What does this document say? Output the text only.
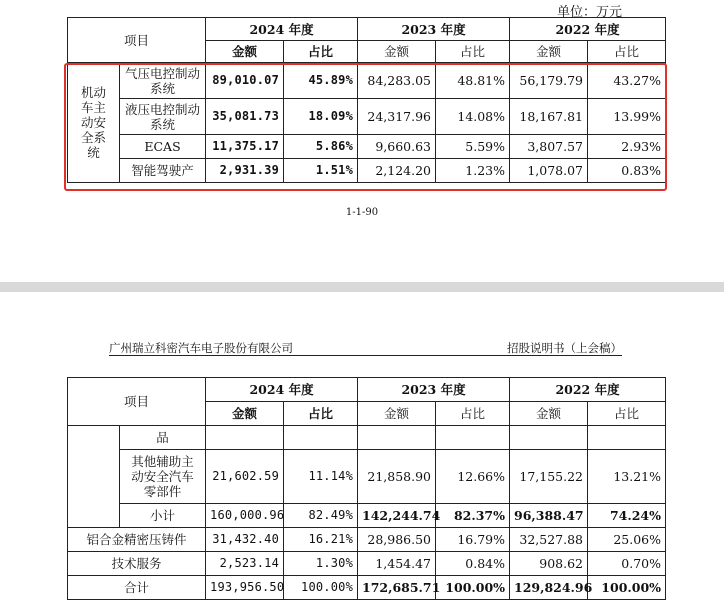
单位：万元
项目		2024 年度		2023 年度		2022 年度	
		金额	占比	金额	占比	金额	占比
机动车主动安全系统	气压电控制动系统	89,010.07	45.89%	84,283.05	48.81%	56,179.79	43.27%
	液压电控制动系统	35,081.73	18.09%	24,317.96	14.08%	18,167.81	13.99%
	ECAS	11,375.17	5.86%	9,660.63	5.59%	3,807.57	2.93%
	智能驾驶产	2,931.39	1.51%	2,124.20	1.23%	1,078.07	0.83%
1-1-90
广州瑞立科密汽车电子股份有限公司	招股说明书（上会稿）
项目		2024 年度		2023 年度		2022 年度	
		金额	占比	金额	占比	金额	占比
	品						
	其他辅助主动安全汽车零部件	21,602.59	11.14%	21,858.90	12.66%	17,155.22	13.21%
	小计	160,000.96	82.49%	142,244.74	82.37%	96,388.47	74.24%
铝合金精密压铸件		31,432.40	16.21%	28,986.50	16.79%	32,527.88	25.06%
技术服务		2,523.14	1.30%	1,454.47	0.84%	908.62	0.70%
合计		193,956.50	100.00%	172,685.71	100.00%	129,824.96	100.00%
